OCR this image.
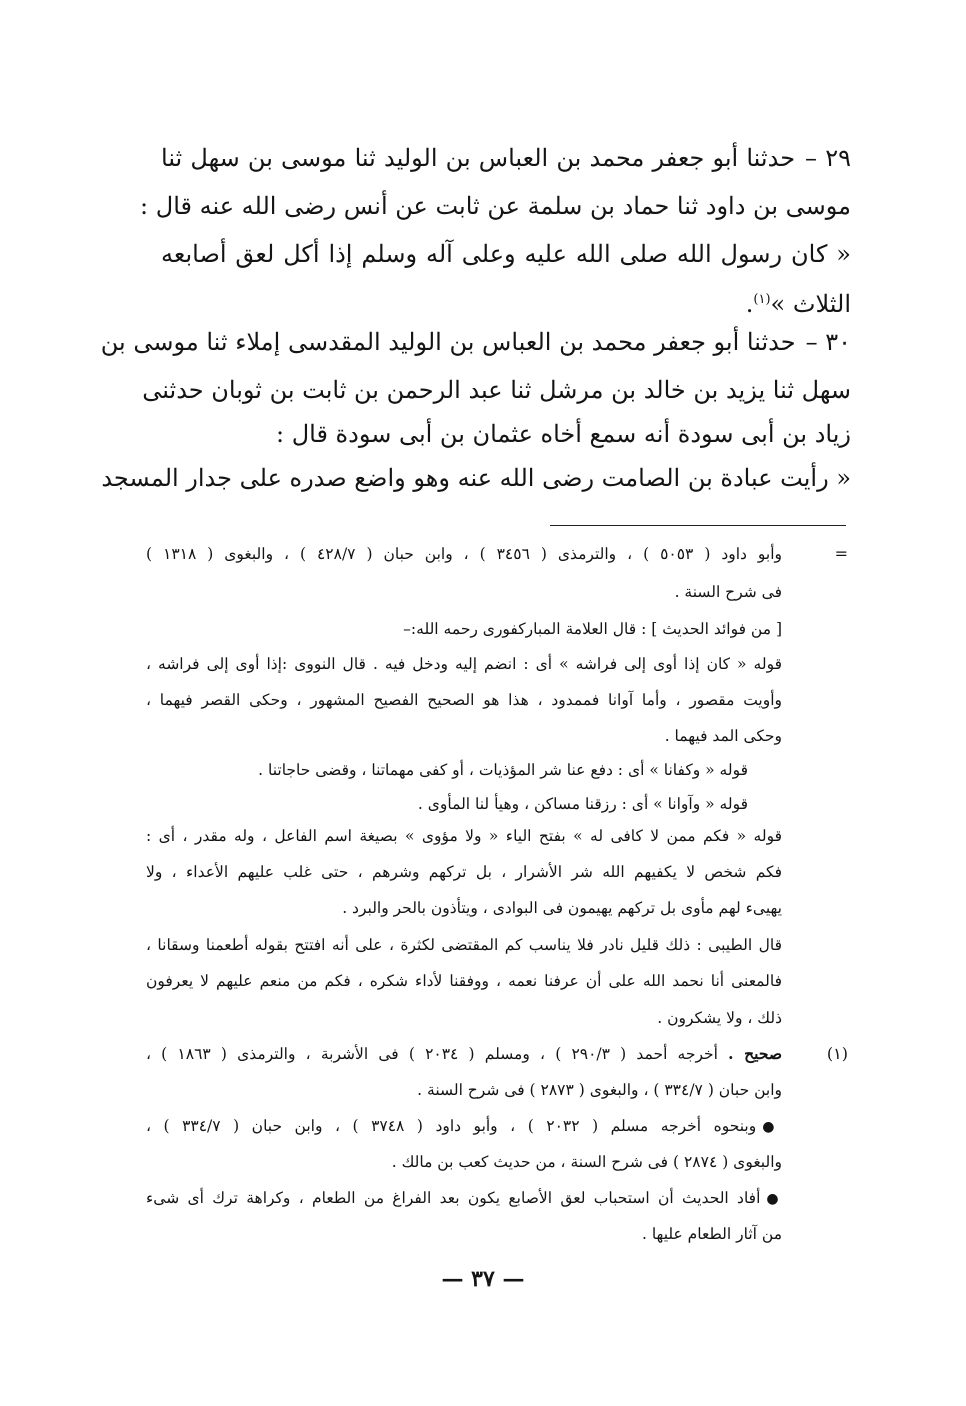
٢٩ –حدثنا أبو جعفر محمد بن العباس بن الوليد ثنا موسى بن سهل ثنا
موسى بن داود ثنا حماد بن سلمة عن ثابت عن أنس رضى الله عنه قال :
« كان رسول الله صلى الله عليه وعلى آله وسلم إذا أكل لعق أصابعه
الثلاث »$^{(١)}$.
٣٠ –حدثنا أبو جعفر محمد بن العباس بن الوليد المقدسى إملاء ثنا موسى بن
سهل ثنا يزيد بن خالد بن مرشل ثنا عبد الرحمن بن ثابت بن ثوبان حدثنى
زياد بن أبى سودة أنه سمع أخاه عثمان بن أبى سودة قال :
« رأيت عبادة بن الصامت رضى الله عنه وهو واضع صدره على جدار المسجد
=
وأبو داود ( ٥٠٥٣ ) ، والترمذى ( ٣٤٥٦ ) ، وابن حبان ( ٤٢٨/٧ ) ، والبغوى ( ١٣١٨ )
فى شرح السنة .
[ من فوائد الحديث ] : قال العلامة المباركفورى رحمه الله:–
قوله « كان إذا أوى إلى فراشه » أى : انضم إليه ودخل فيه . قال النووى :إذا أوى إلى فراشه ،
وأويت مقصور ، وأما آوانا فممدود ، هذا هو الصحيح الفصيح المشهور ، وحكى القصر فيهما ،
وحكى المد فيهما .
قوله « وكفانا » أى : دفع عنا شر المؤذيات ، أو كفى مهماتنا ، وقضى حاجاتنا .
قوله « وآوانا » أى : رزقنا مساكن ، وهيأ لنا المأوى .
قوله « فكم ممن لا كافى له » بفتح الياء « ولا مؤوى » بصيغة اسم الفاعل ، وله مقدر ، أى :
فكم شخص لا يكفيهم الله شر الأشرار ، بل تركهم وشرهم ، حتى غلب عليهم الأعداء ، ولا
يهيىء لهم مأوى بل تركهم يهيمون فى البوادى ، ويتأذون بالحر والبرد .
قال الطيبى : ذلك قليل نادر فلا يناسب كم المقتضى لكثرة ، على أنه افتتح بقوله أطعمنا وسقانا ،
فالمعنى أنا نحمد الله على أن عرفنا نعمه ، ووفقنا لأداء شكره ، فكم من منعم عليهم لا يعرفون
ذلك ، ولا يشكرون .
(١)
صحيح . أخرجه أحمد ( ٢٩٠/٣ ) ، ومسلم ( ٢٠٣٤ ) فى الأشربة ، والترمذى ( ١٨٦٣ ) ،
وابن حبان ( ٣٣٤/٧ ) ، والبغوى ( ٢٨٧٣ ) فى شرح السنة .
●وبنحوه أخرجه مسلم ( ٢٠٣٢ ) ، وأبو داود ( ٣٧٤٨ ) ، وابن حبان ( ٣٣٤/٧ ) ،
والبغوى ( ٢٨٧٤ ) فى شرح السنة ، من حديث كعب بن مالك .
●أفاد الحديث أن استحباب لعق الأصابع يكون بعد الفراغ من الطعام ، وكراهة ترك أى شىء
من آثار الطعام عليها .
— ٣٧ —
